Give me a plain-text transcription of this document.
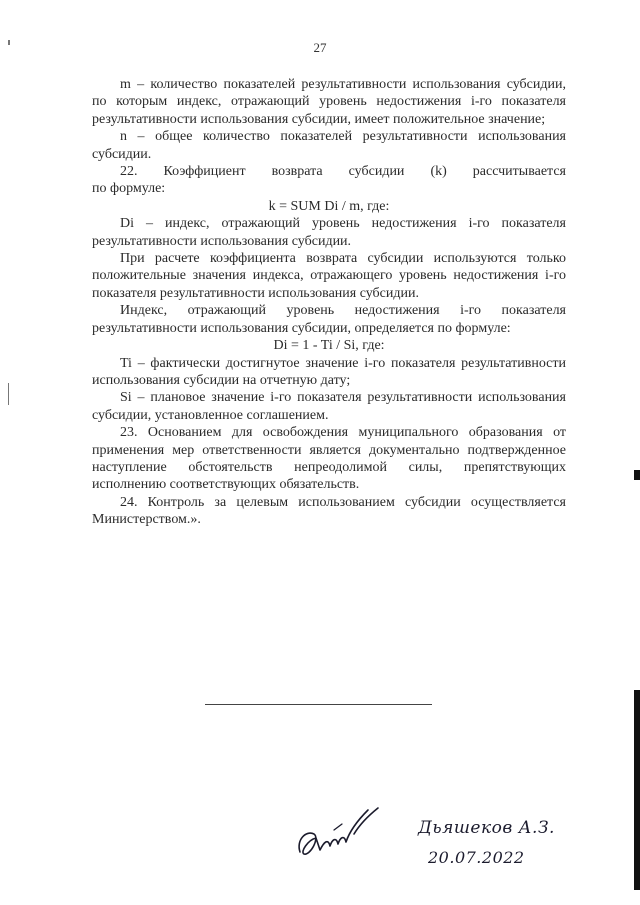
27

m – количество показателей результативности использования субсидии, по которым индекс, отражающий уровень недостижения i-го показателя результативности использования субсидии, имеет положительное значение;

n – общее количество показателей результативности использования субсидии.

22. Коэффициент возврата субсидии (k) рассчитывается

по формуле:

k = SUM Di / m, где:

Di – индекс, отражающий уровень недостижения i-го показателя результативности использования субсидии.

При расчете коэффициента возврата субсидии используются только положительные значения индекса, отражающего уровень недостижения i-го показателя результативности использования субсидии.

Индекс, отражающий уровень недостижения i-го показателя результативности использования субсидии, определяется по формуле:

Di = 1 - Ti / Si, где:

Ti – фактически достигнутое значение i-го показателя результативности использования субсидии на отчетную дату;

Si – плановое значение i-го показателя результативности использования субсидии, установленное соглашением.

23. Основанием для освобождения муниципального образования от применения мер ответственности является документально подтвержденное наступление обстоятельств непреодолимой силы, препятствующих исполнению соответствующих обязательств.

24. Контроль за целевым использованием субсидии осуществляется Министерством.».

Дьяшеков А.З.
20.07.2022
